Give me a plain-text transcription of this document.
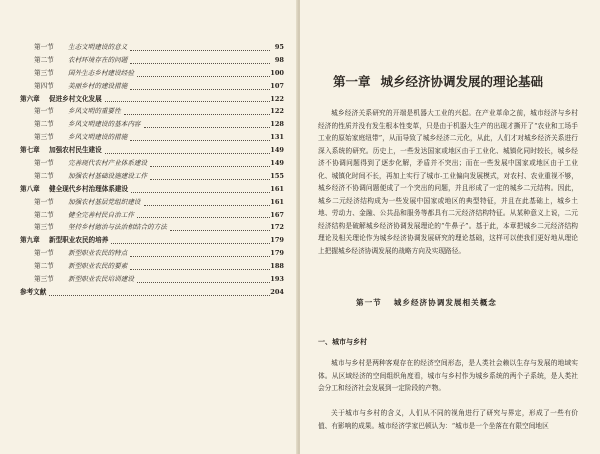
第一节 生态文明建设的意义	95
第二节 农村环境存在的问题	98
第三节 国外生态乡村建设经验	100
第四节 美丽乡村的建设措施	107
第六章 促进乡村文化发展	122
第一节 乡风文明的重要性	122
第二节 乡风文明建设的基本内容	128
第三节 乡风文明建设的措施	131
第七章 加强农村民生建设	149
第一节 完善现代农村产业体系建设	149
第二节 加强农村基础设施建设工作	155
第八章 健全现代乡村治理体系建设	161
第一节 加强农村基层党组织建设	161
第二节 健全完善村民自治工作	167
第三节 坚持乡村德治与法治相结合的方法	172
第九章 新型职业农民的培养	179
第一节 新型职业农民的特点	179
第二节 新型职业农民的要素	188
第三节 新型职业农民培训建设	193
参考文献	204
第一章 城乡经济协调发展的理论基础
城乡经济关系研究的开端是机器大工业的兴起。在产业革命之前，城市经济与乡村经济的性质并没有发生根本性变革，只是由于机器大生产的出现才撕开了“农业和工场手工业的原始家庭纽带”，从而导致了城乡经济二元化，从此，人们才对城乡经济关系进行深入系统的研究。历史上，一些发达国家或地区由于工业化、城镇化同时较长，城乡经济不协调问题得到了逐步化解，矛盾并不突出；而在一些发展中国家或地区由于工业化、城镇化时间不长，再加上实行了城市-工业偏向发展模式，对农村、农业重视不够，城乡经济不协调问题便成了一个突出的问题，并且形成了一定的城乡二元结构。因此，城乡二元经济结构成为一些发展中国家或地区的典型特征，并且在此基础上，城乡土地、劳动力、金融、公共品和服务等都具有二元经济结构特征。从某种意义上说，二元经济结构是破解城乡经济协调发展理论的“牛鼻子”。基于此，本章把城乡二元经济结构理论及相关理论作为城乡经济协调发展研究的理论基础，这样可以使我们更好地从理论上把握城乡经济协调发展的战略方向及实现路径。
第一节 城乡经济协调发展相关概念
一、城市与乡村
城市与乡村是两种客观存在的经济空间形态，是人类社会赖以生存与发展的地域实体。从区域经济的空间组织角度看，城市与乡村作为城乡系统的两个子系统，是人类社会分工和经济社会发展到一定阶段的产物。
关于城市与乡村的含义，人们从不同的视角进行了研究与界定，形成了一些有价值、有影响的成果。城市经济学家巴顿认为：“城市是一个坐落在有限空间地区
